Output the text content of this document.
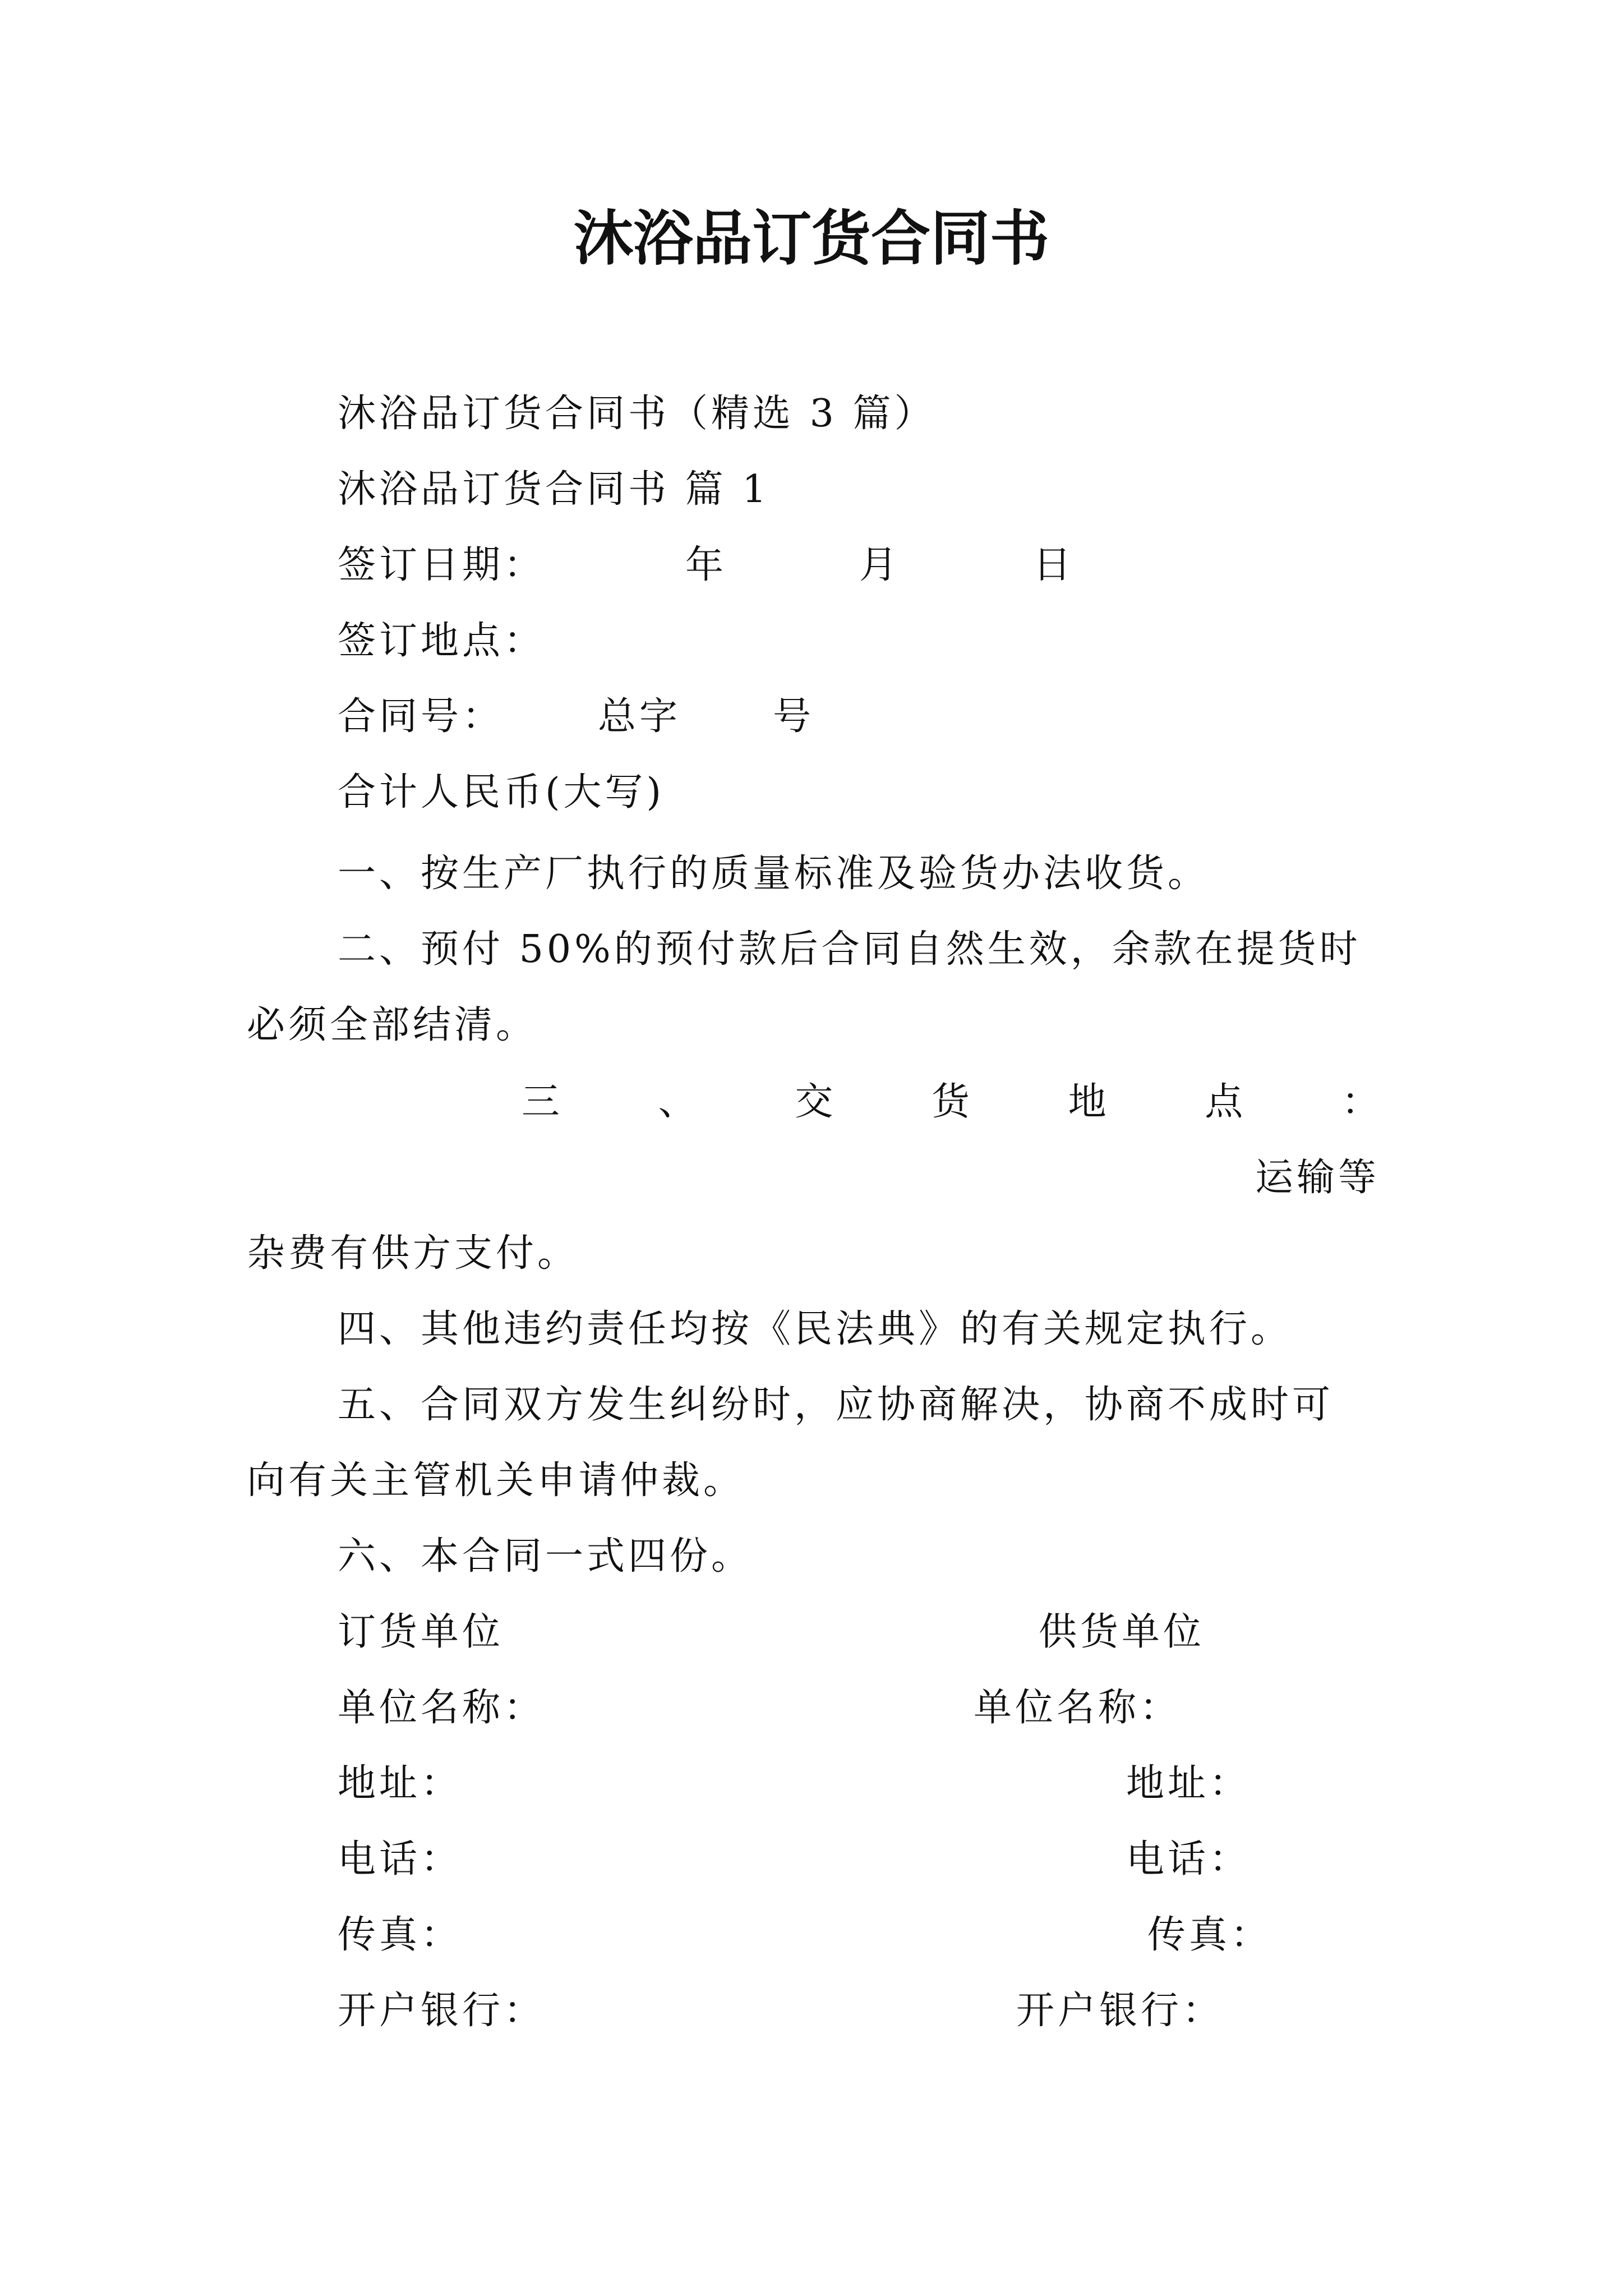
沐浴品订货合同书
沐浴品订货合同书（精选 3 篇）
沐浴品订货合同书 篇 1
签订日期：	年	月	日
签订地点：
合同号： 总字 号
合计人民币(大写)
一、按生产厂执行的质量标准及验货办法收货。
二、预付 50%的预付款后合同自然生效，余款在提货时
必须全部结清。
三	、	交	货	地	点	：
运输等
杂费有供方支付。
四、其他违约责任均按《民法典》的有关规定执行。
五、合同双方发生纠纷时，应协商解决，协商不成时可
向有关主管机关申请仲裁。
六、本合同一式四份。
订货单位	供货单位
单位名称：	单位名称：
地址：	地址：
电话：	电话：
传真：	传真：
开户银行：	开户银行：
